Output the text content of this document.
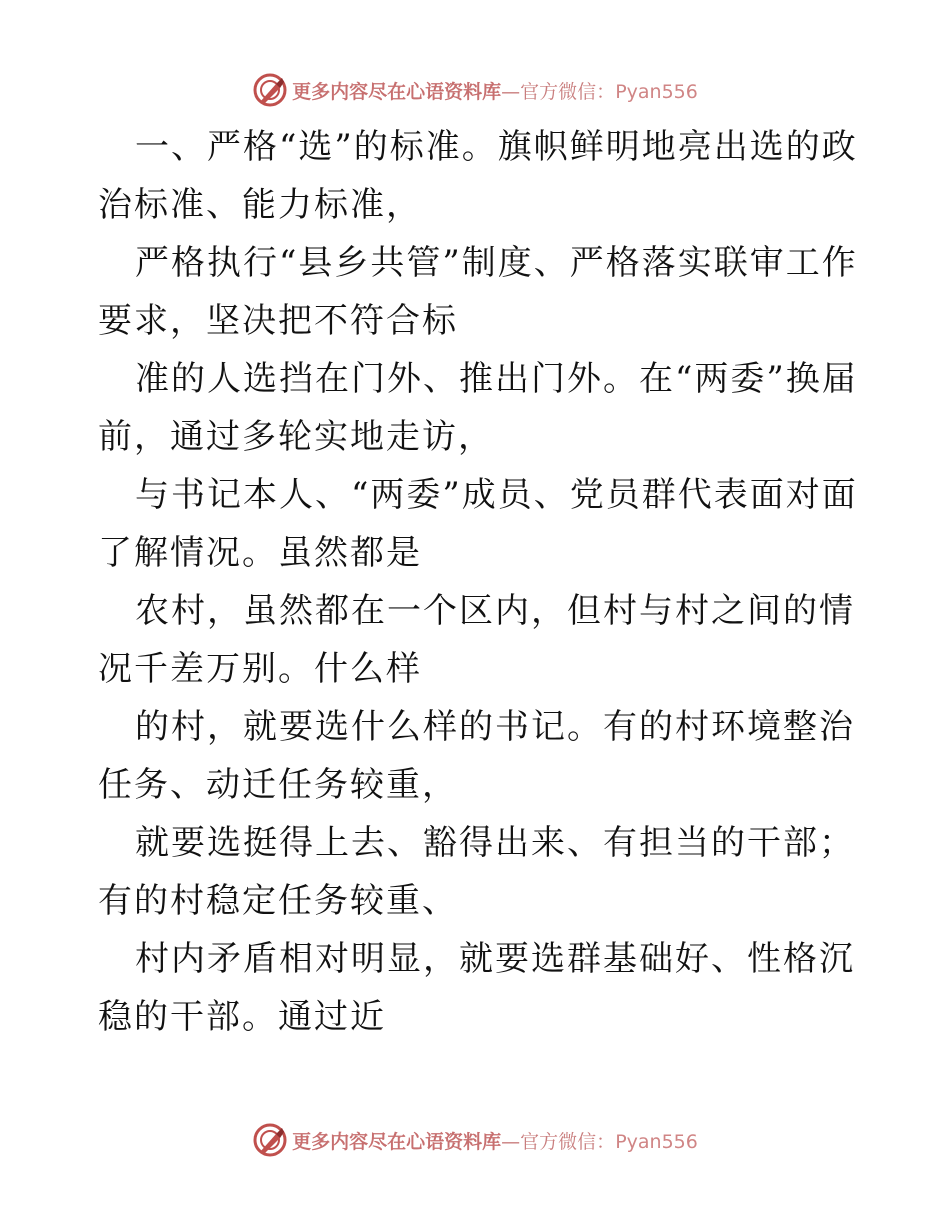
更多内容尽在心语资料库—官方微信：Pyan556

一、严格“选”的标准。旗帜鲜明地亮出选的政治标准、能力标准，

严格执行“县乡共管”制度、严格落实联审工作要求，坚决把不符合标

准的人选挡在门外、推出门外。在“两委”换届前，通过多轮实地走访，

与书记本人、“两委”成员、党员群代表面对面了解情况。虽然都是

农村，虽然都在一个区内，但村与村之间的情况千差万别。什么样

的村，就要选什么样的书记。有的村环境整治任务、动迁任务较重，

就要选挺得上去、豁得出来、有担当的干部；有的村稳定任务较重、

村内矛盾相对明显，就要选群基础好、性格沉稳的干部。通过近

更多内容尽在心语资料库—官方微信：Pyan556
